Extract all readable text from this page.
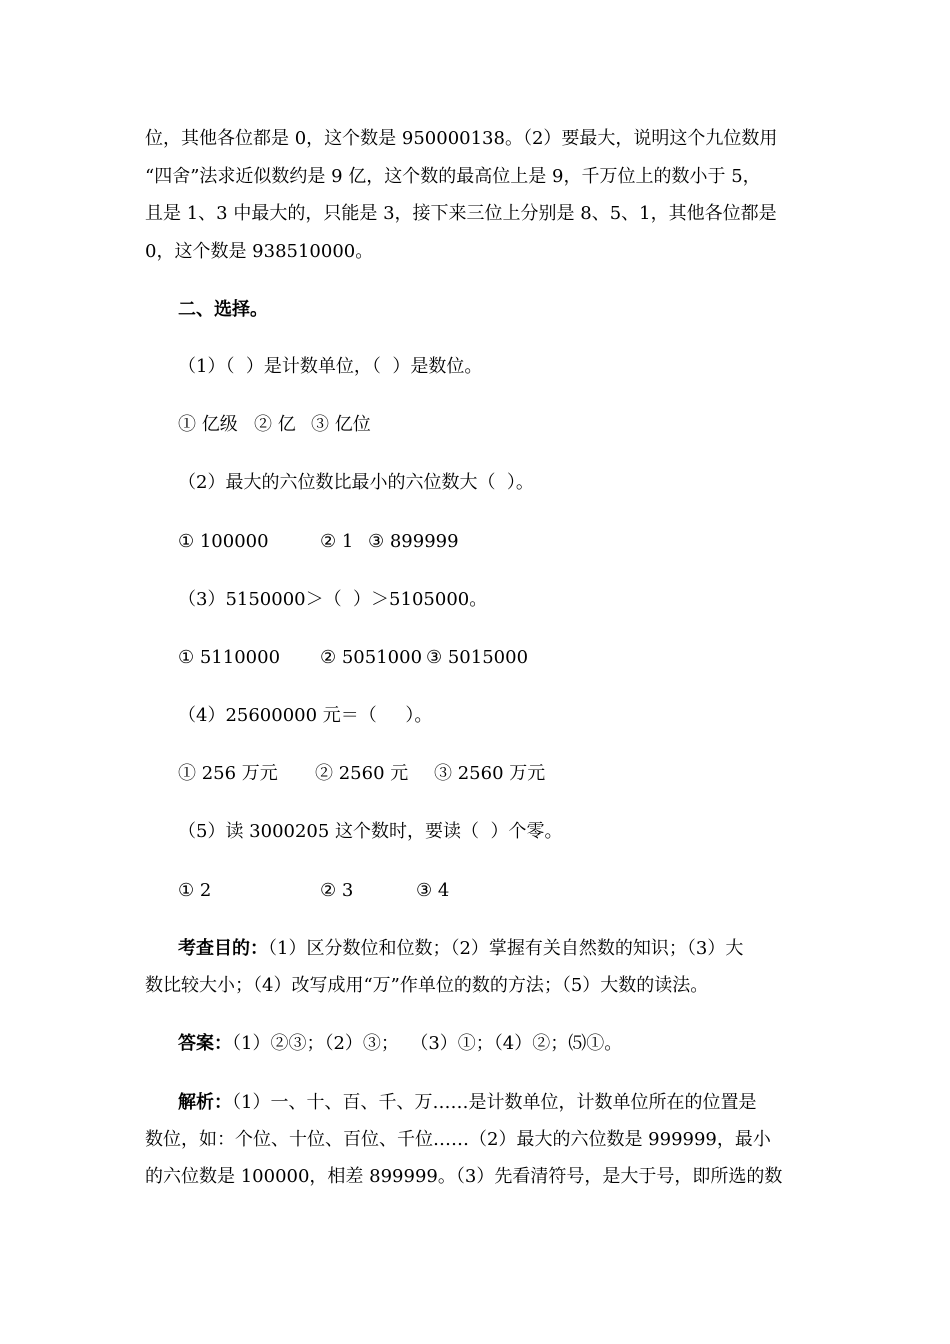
位，其他各位都是 0，这个数是 950000138。（2）要最大，说明这个九位数用
“四舍”法求近似数约是 9 亿，这个数的最高位上是 9，千万位上的数小于 5，
且是 1、3 中最大的，只能是 3，接下来三位上分别是 8、5、1，其他各位都是
0，这个数是 938510000。
二、选择。
（1）（  ）是计数单位，（  ）是数位。
① 亿级 ② 亿 ③ 亿位
（2）最大的六位数比最小的六位数大（  ）。
① 100000	② 1 ③ 899999
（3）5150000＞（  ）＞5105000。
① 5110000 ② 5051000 ③ 5015000
（4）25600000 元＝（     ）。
① 256 万元 ② 2560 元 ③ 2560 万元
（5）读 3000205 这个数时，要读（  ）个零。
① 2	② 3	③ 4
考查目的：（1）区分数位和位数；（2）掌握有关自然数的知识；（3）大
数比较大小；（4）改写成用“万”作单位的数的方法；（5）大数的读法。
答案：（1）②③；（2）③；  （3）①；（4）②；⑸①。
解析：（1）一、十、百、千、万……是计数单位，计数单位所在的位置是
数位，如：个位、十位、百位、千位……（2）最大的六位数是 999999，最小
的六位数是 100000，相差 899999。（3）先看清符号，是大于号，即所选的数
